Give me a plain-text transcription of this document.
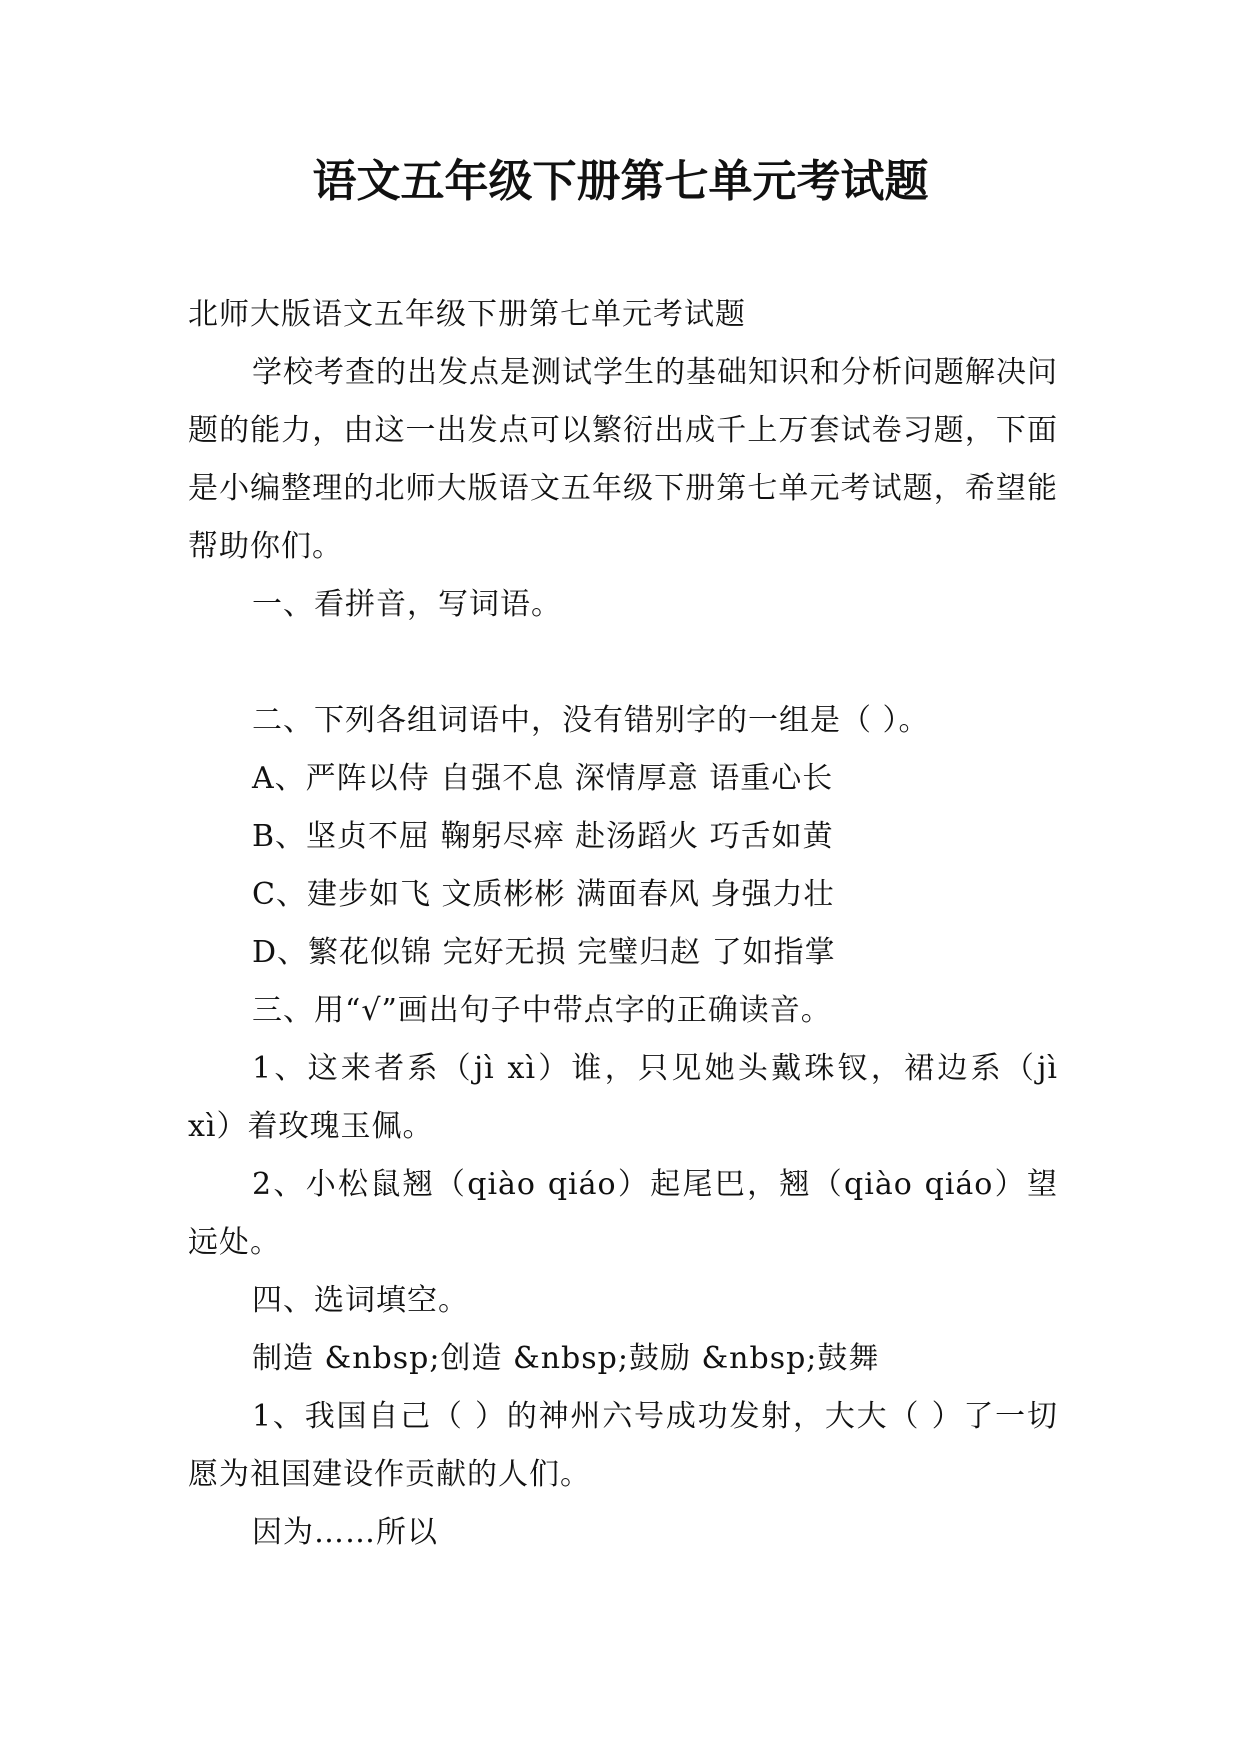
语文五年级下册第七单元考试题

北师大版语文五年级下册第七单元考试题

学校考查的出发点是测试学生的基础知识和分析问题解决问题的能力，由这一出发点可以繁衍出成千上万套试卷习题，下面是小编整理的北师大版语文五年级下册第七单元考试题，希望能帮助你们。

一、看拼音，写词语。

二、下列各组词语中，没有错别字的一组是（ ）。

A、严阵以侍 自强不息 深情厚意 语重心长

B、坚贞不屈 鞠躬尽瘁 赴汤蹈火 巧舌如黄

C、建步如飞 文质彬彬 满面春风 身强力壮

D、繁花似锦 完好无损 完璧归赵 了如指掌

三、用“√”画出句子中带点字的正确读音。

1、这来者系（jì xì）谁，只见她头戴珠钗，裙边系（jì xì）着玫瑰玉佩。

2、小松鼠翘（qiào qiáo）起尾巴，翘（qiào qiáo）望远处。

四、选词填空。

制造 &nbsp;创造 &nbsp;鼓励 &nbsp;鼓舞

1、我国自己（ ）的神州六号成功发射，大大（ ）了一切愿为祖国建设作贡献的人们。

因为……所以
